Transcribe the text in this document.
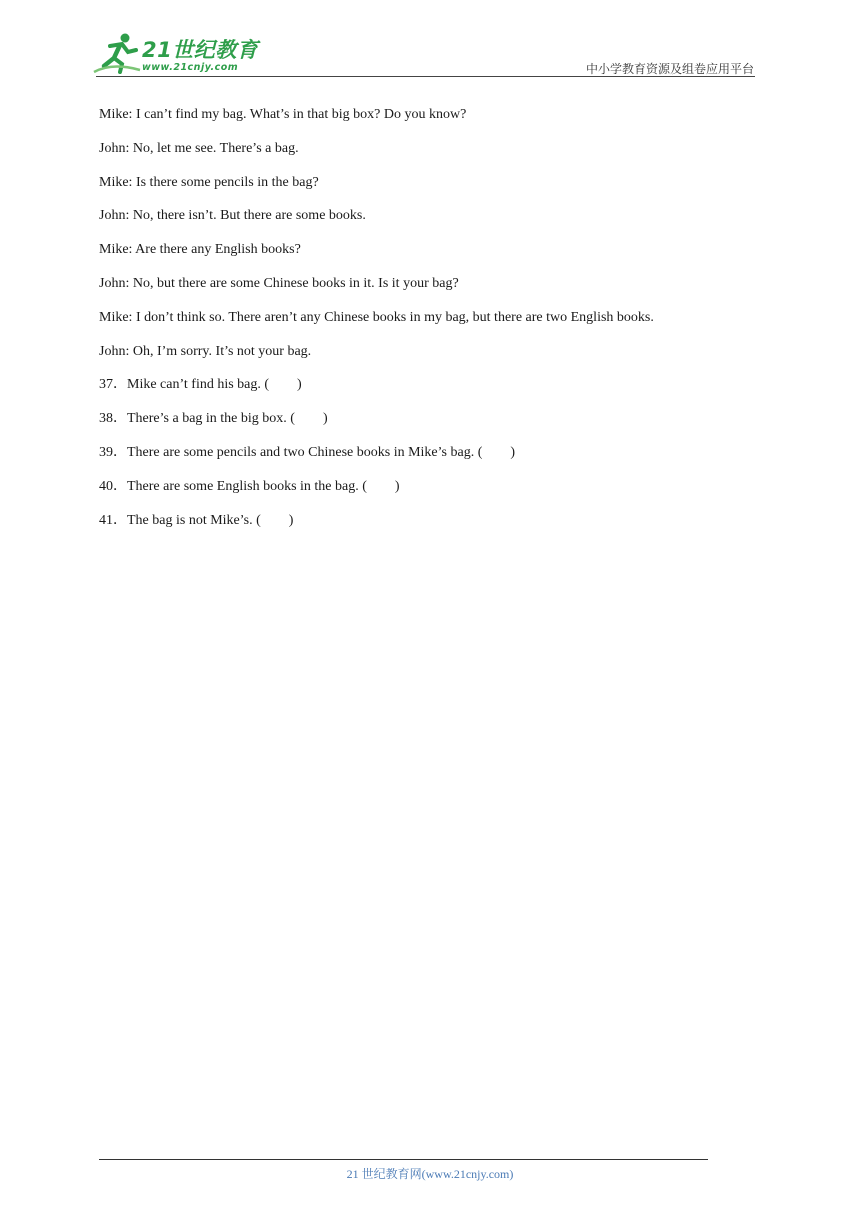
21世纪教育
www.21cnjy.com	中小学教育资源及组卷应用平台
Mike: I can’t find my bag. What’s in that big box? Do you know?
John: No, let me see. There’s a bag.
Mike: Is there some pencils in the bag?
John: No, there isn’t. But there are some books.
Mike: Are there any English books?
John: No, but there are some Chinese books in it. Is it your bag?
Mike: I don’t think so. There aren’t any Chinese books in my bag, but there are two English books.
John: Oh, I’m sorry. It’s not your bag.
37．Mike can’t find his bag. (        )
38．There’s a bag in the big box. (        )
39．There are some pencils and two Chinese books in Mike’s bag. (        )
40．There are some English books in the bag. (        )
41．The bag is not Mike’s. (        )
21 世纪教育网(www.21cnjy.com)
